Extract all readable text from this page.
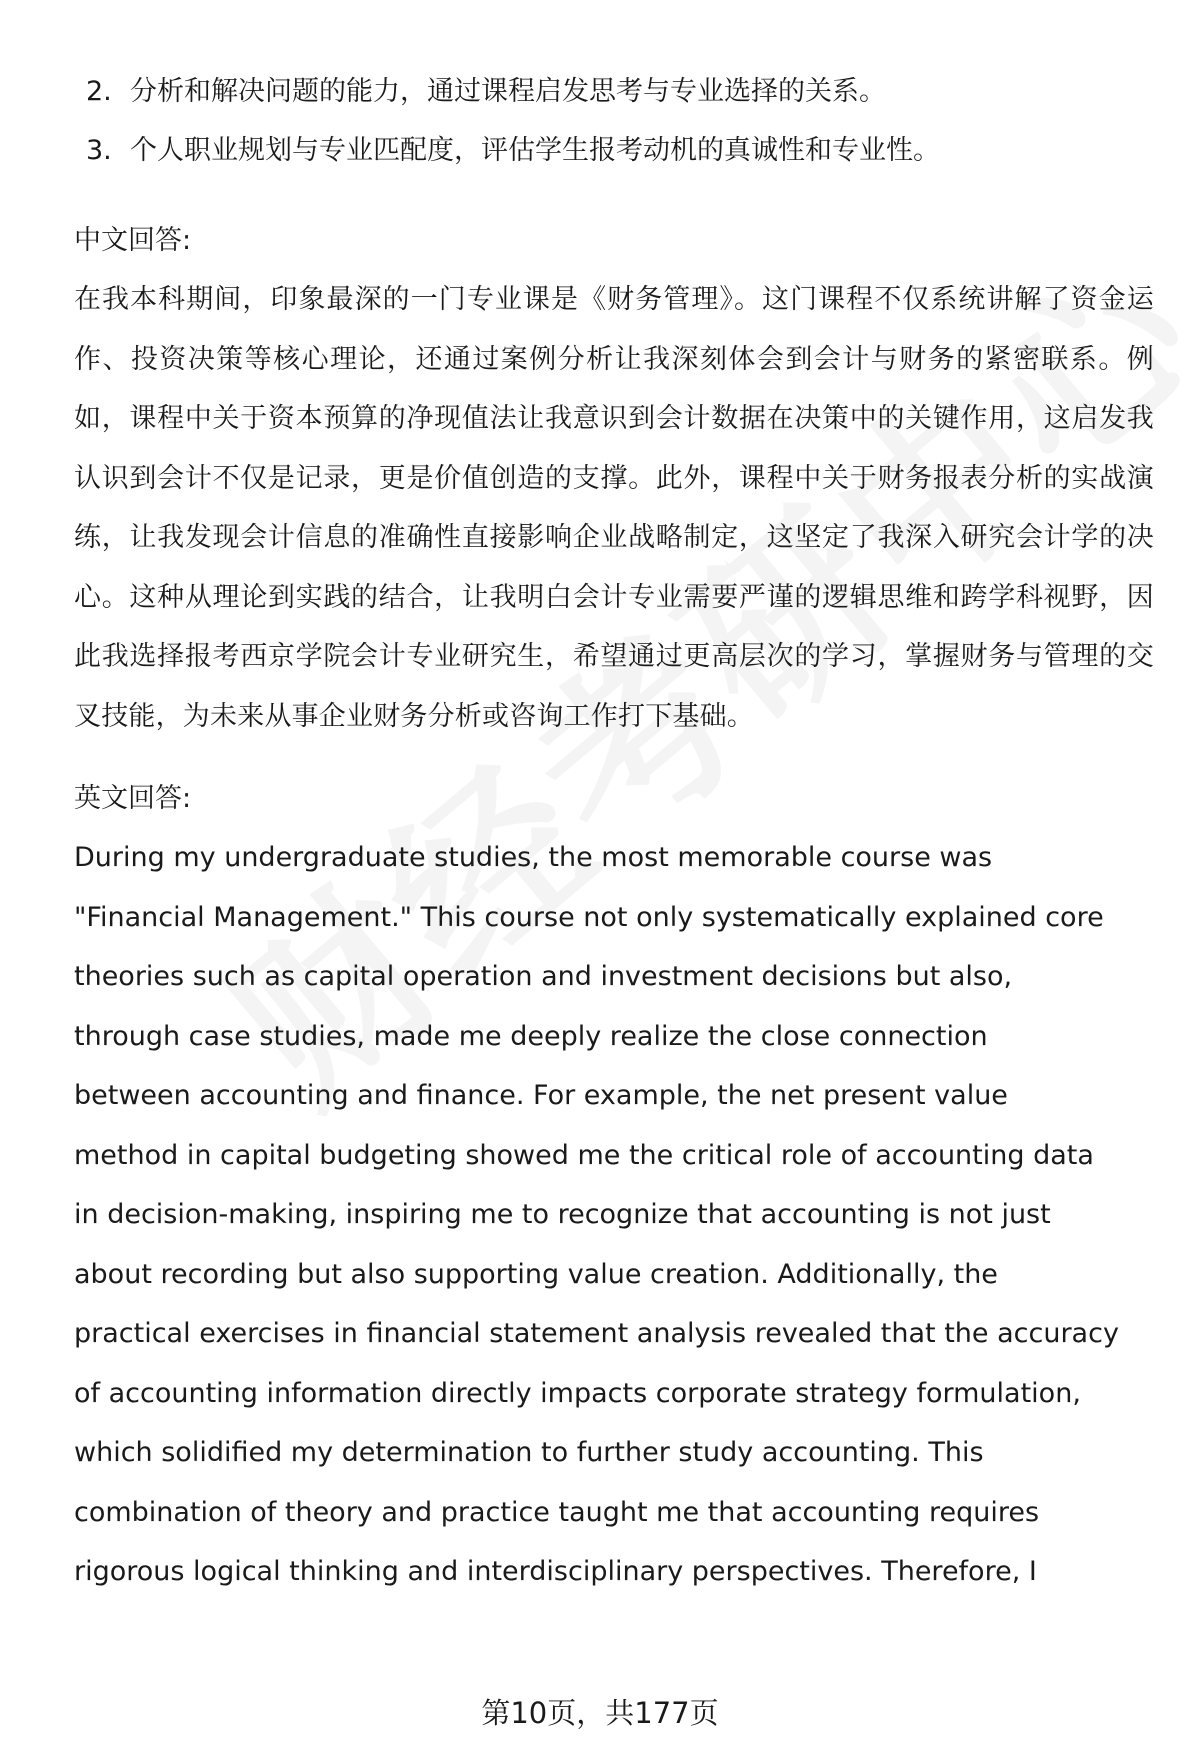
2. 分析和解决问题的能力，通过课程启发思考与专业选择的关系。
3. 个人职业规划与专业匹配度，评估学生报考动机的真诚性和专业性。
中文回答:

在我本科期间，印象最深的一门专业课是《财务管理》。这门课程不仅系统讲解了资金运作、投资决策等核心理论，还通过案例分析让我深刻体会到会计与财务的紧密联系。例如，课程中关于资本预算的净现值法让我意识到会计数据在决策中的关键作用，这启发我认识到会计不仅是记录，更是价值创造的支撑。此外，课程中关于财务报表分析的实战演练，让我发现会计信息的准确性直接影响企业战略制定，这坚定了我深入研究会计学的决心。这种从理论到实践的结合，让我明白会计专业需要严谨的逻辑思维和跨学科视野，因此我选择报考西京学院会计专业研究生，希望通过更高层次的学习，掌握财务与管理的交叉技能，为未来从事企业财务分析或咨询工作打下基础。

英文回答:
During my undergraduate studies, the most memorable course was
"Financial Management." This course not only systematically explained core
theories such as capital operation and investment decisions but also,
through case studies, made me deeply realize the close connection
between accounting and finance. For example, the net present value
method in capital budgeting showed me the critical role of accounting data
in decision-making, inspiring me to recognize that accounting is not just
about recording but also supporting value creation. Additionally, the
practical exercises in financial statement analysis revealed that the accuracy
of accounting information directly impacts corporate strategy formulation,
which solidified my determination to further study accounting. This
combination of theory and practice taught me that accounting requires
rigorous logical thinking and interdisciplinary perspectives. Therefore, I
第10页，共177页
